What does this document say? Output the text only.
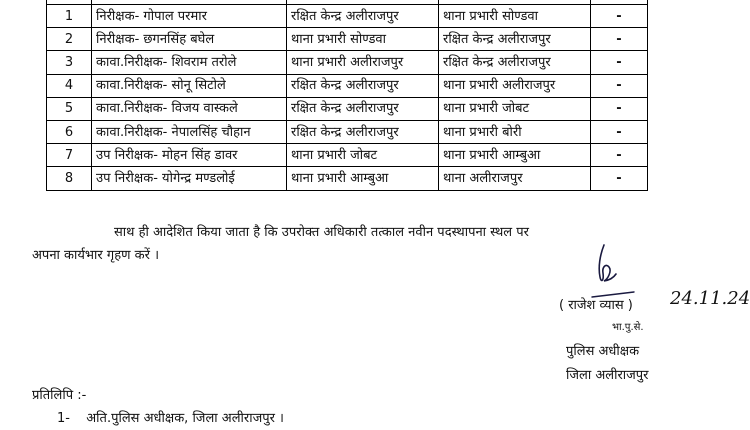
1	निरीक्षक- गोपाल परमार	रक्षित केन्द्र अलीराजपुर	थाना प्रभारी सोण्डवा	-
2	निरीक्षक- छगनसिंह बघेल	थाना प्रभारी सोण्डवा	रक्षित केन्द्र अलीराजपुर	-
3	कावा.निरीक्षक- शिवराम तरोले	थाना प्रभारी अलीराजपुर	रक्षित केन्द्र अलीराजपुर	-
4	कावा.निरीक्षक- सोनू सिटोले	रक्षित केन्द्र अलीराजपुर	थाना प्रभारी अलीराजपुर	-
5	कावा.निरीक्षक- विजय वास्कले	रक्षित केन्द्र अलीराजपुर	थाना प्रभारी जोबट	-
6	कावा.निरीक्षक- नेपालसिंह चौहान	रक्षित केन्द्र अलीराजपुर	थाना प्रभारी बोरी	-
7	उप निरीक्षक- मोहन सिंह डावर	थाना प्रभारी जोबट	थाना प्रभारी आम्बुआ	-
8	उप निरीक्षक- योगेन्द्र मण्डलोई	थाना प्रभारी आम्बुआ	थाना अलीराजपुर	-
साथ ही आदेशित किया जाता है कि उपरोक्त अधिकारी तत्काल नवीन पदस्थापना स्थल पर
अपना कार्यभार गृहण करें ।
( राजेश व्यास ) 24.11.24
भा.पु.से.
पुलिस अधीक्षक
जिला अलीराजपुर
प्रतिलिपि :-
1- अति.पुलिस अधीक्षक, जिला अलीराजपुर ।
